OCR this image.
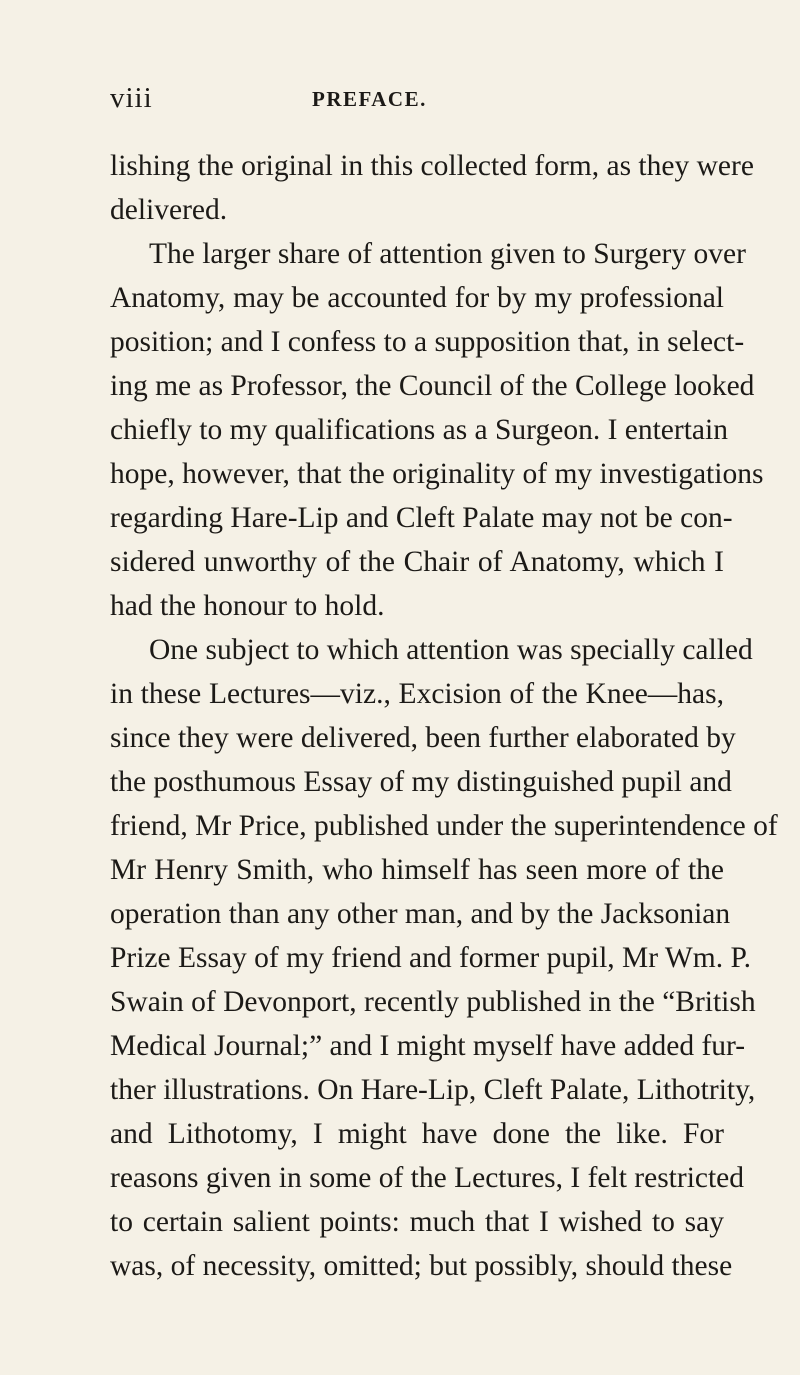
viii	PREFACE.
lishing the original in this collected form, as they were
delivered.
The larger share of attention given to Surgery over
Anatomy, may be accounted for by my professional
position; and I confess to a supposition that, in select-
ing me as Professor, the Council of the College looked
chiefly to my qualifications as a Surgeon. I entertain
hope, however, that the originality of my investigations
regarding Hare-Lip and Cleft Palate may not be con-
sidered unworthy of the Chair of Anatomy, which I
had the honour to hold.
One subject to which attention was specially called
in these Lectures—viz., Excision of the Knee—has,
since they were delivered, been further elaborated by
the posthumous Essay of my distinguished pupil and
friend, Mr Price, published under the superintendence of
Mr Henry Smith, who himself has seen more of the
operation than any other man, and by the Jacksonian
Prize Essay of my friend and former pupil, Mr Wm. P.
Swain of Devonport, recently published in the “British
Medical Journal;” and I might myself have added fur-
ther illustrations. On Hare-Lip, Cleft Palate, Lithotrity,
and Lithotomy, I might have done the like. For
reasons given in some of the Lectures, I felt restricted
to certain salient points: much that I wished to say
was, of necessity, omitted; but possibly, should these
